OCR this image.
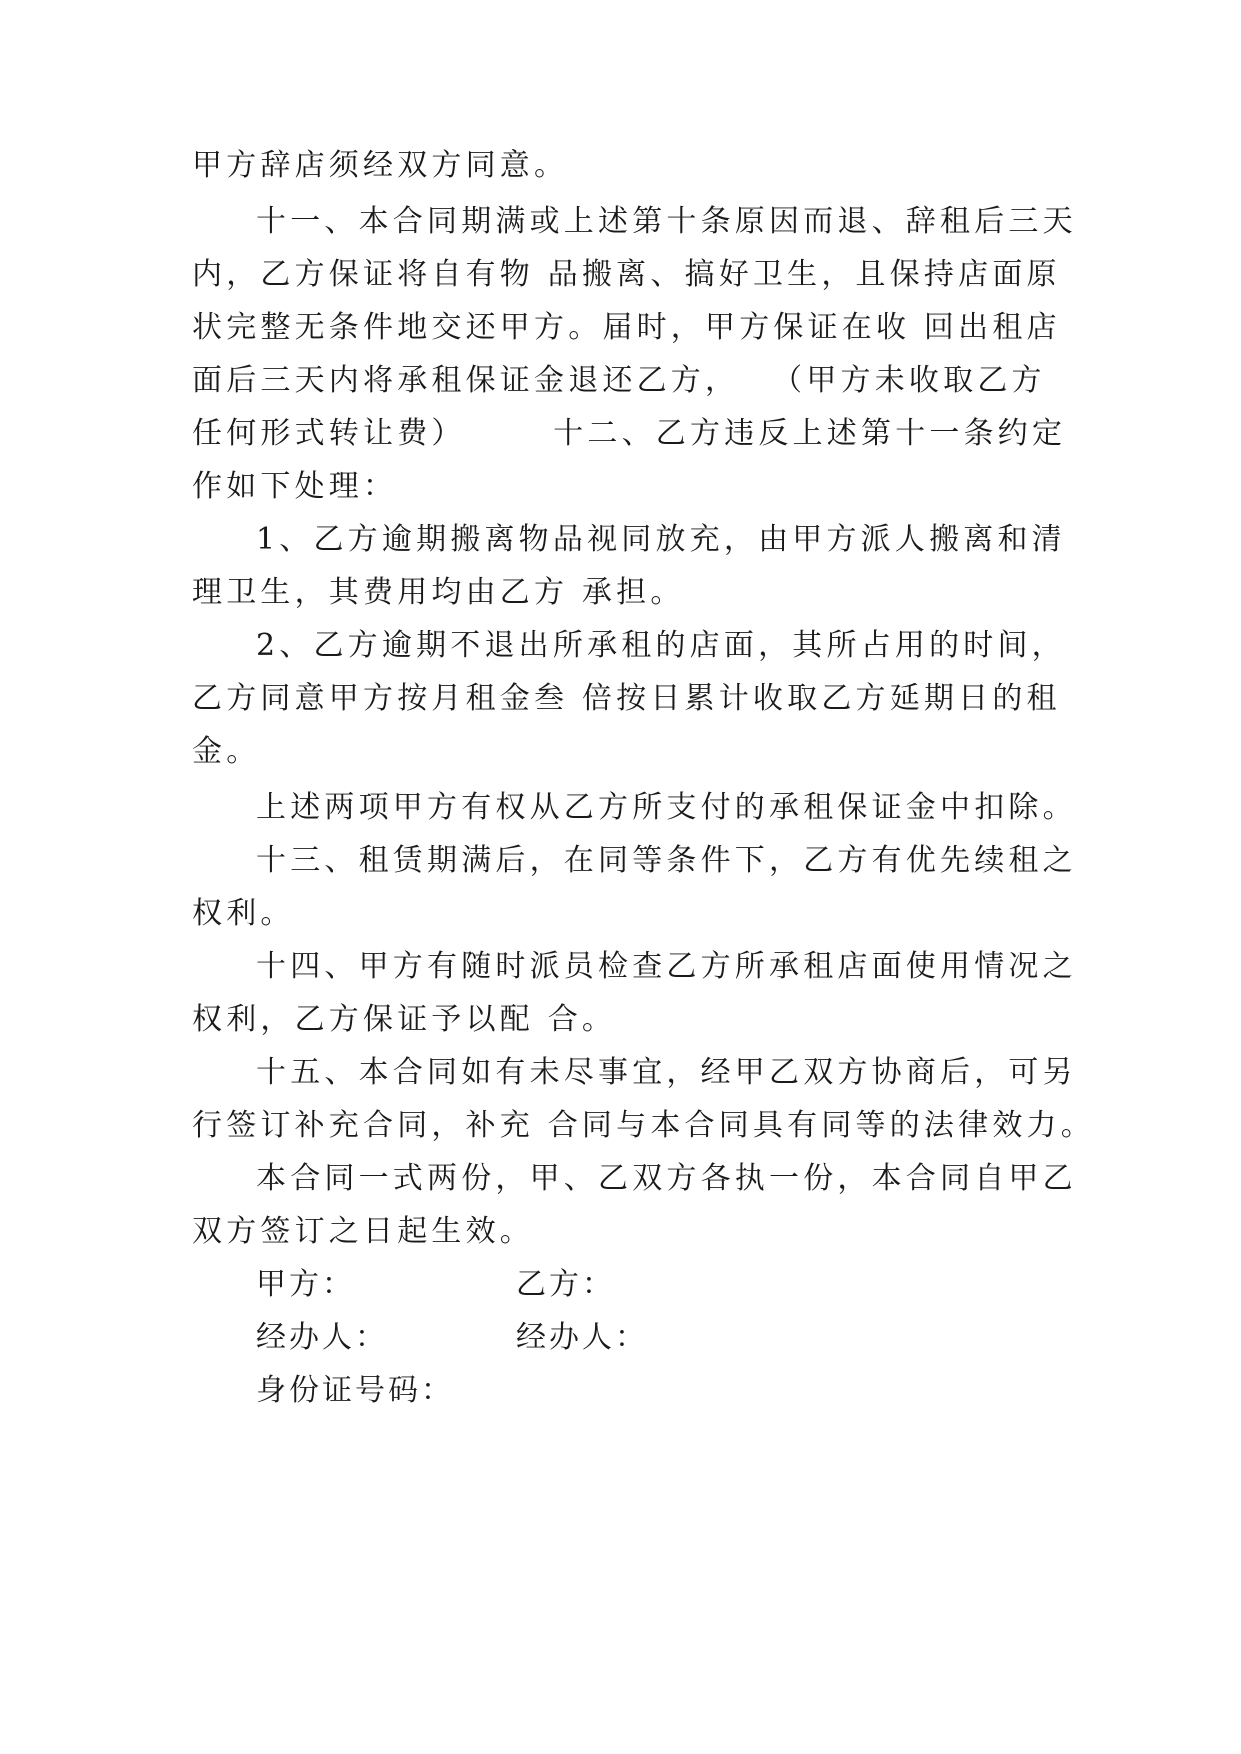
甲方辞店须经双方同意。
十一、本合同期满或上述第十条原因而退、辞租后三天
内，乙方保证将自有物 品搬离、搞好卫生，且保持店面原
状完整无条件地交还甲方。届时，甲方保证在收 回出租店
面后三天内将承租保证金退还乙方，　 （甲方未收取乙方
任何形式转让费）　　　十二、乙方违反上述第十一条约定
作如下处理：
1、乙方逾期搬离物品视同放充，由甲方派人搬离和清
理卫生，其费用均由乙方 承担。
2、乙方逾期不退出所承租的店面，其所占用的时间，
乙方同意甲方按月租金叁 倍按日累计收取乙方延期日的租
金。
上述两项甲方有权从乙方所支付的承租保证金中扣除。
十三、租赁期满后，在同等条件下，乙方有优先续租之
权利。
十四、甲方有随时派员检查乙方所承租店面使用情况之
权利，乙方保证予以配 合。
十五、本合同如有未尽事宜，经甲乙双方协商后，可另
行签订补充合同，补充 合同与本合同具有同等的法律效力。
本合同一式两份，甲、乙双方各执一份，本合同自甲乙
双方签订之日起生效。
甲方：	乙方：
经办人：	经办人：
身份证号码：
